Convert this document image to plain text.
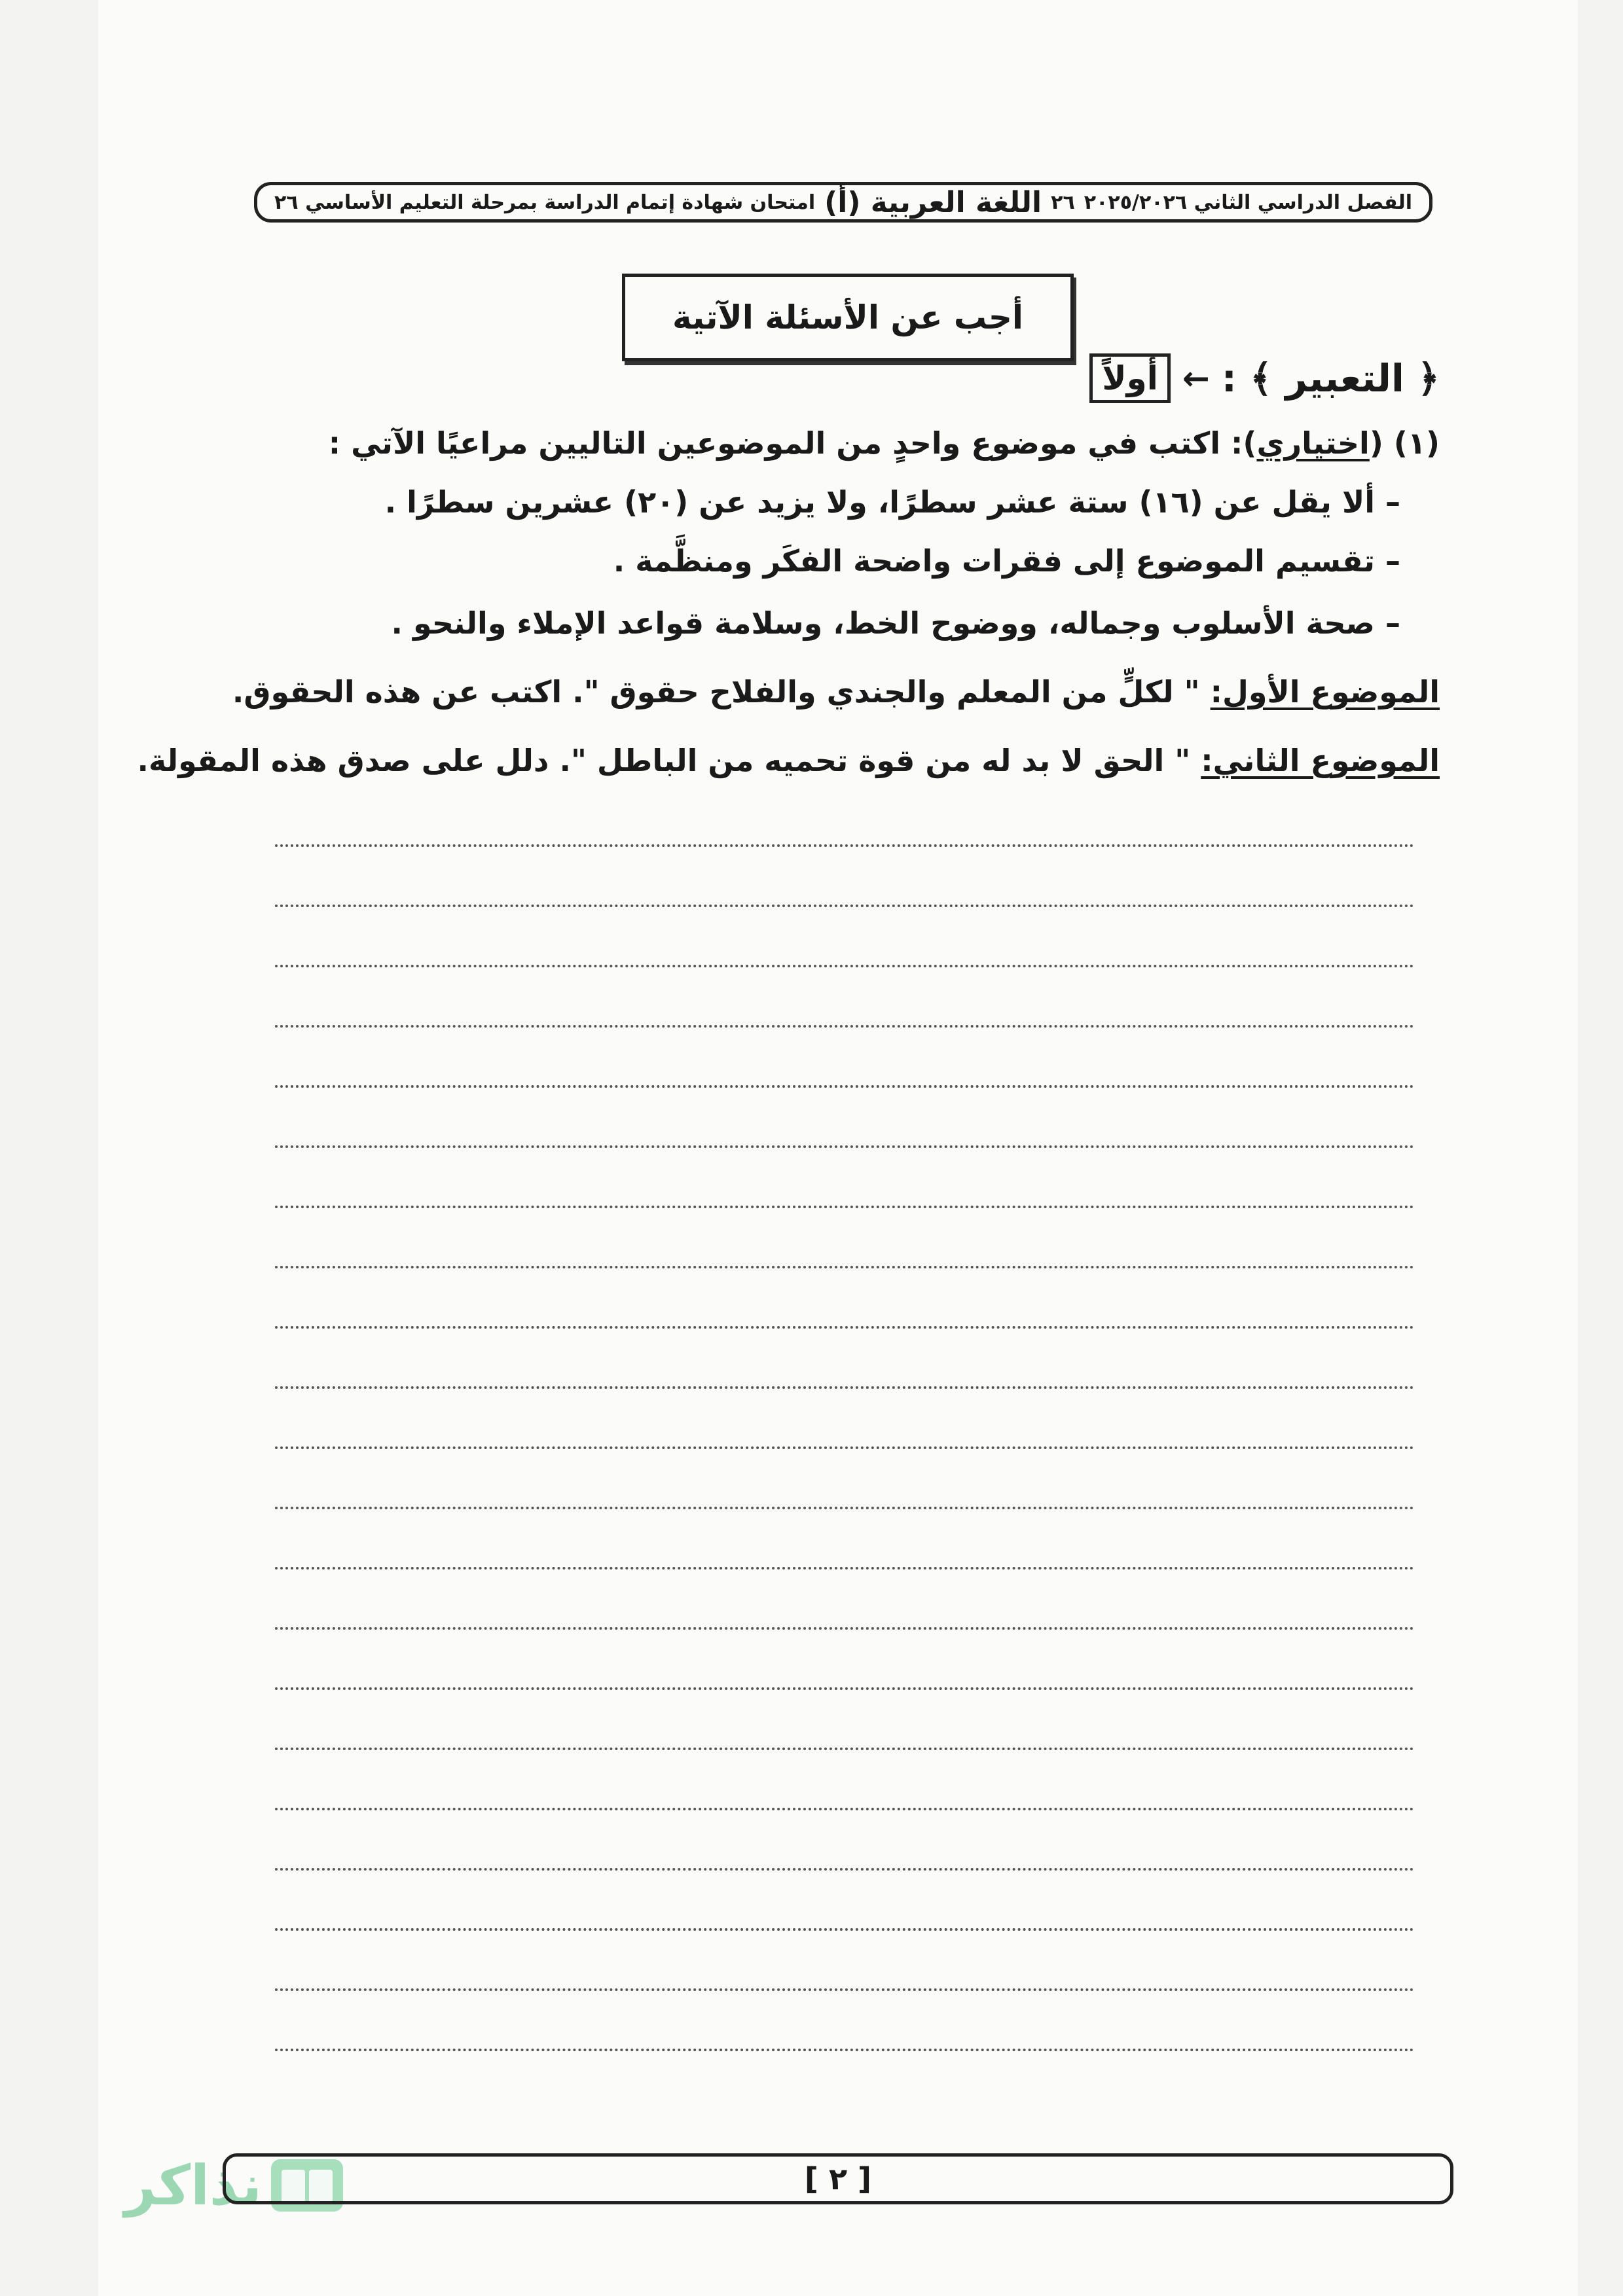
امتحان شهادة إتمام الدراسة بمرحلة التعليم الأساسي ٢٦ اللغة العربية (أ) ٢٦ الفصل الدراسي الثاني ٢٠٢٥/٢٠٢٦
أجب عن الأسئلة الآتية
أولاً ← ﴿ التعبير ﴾ :
(١) (اختياري): اكتب في موضوع واحدٍ من الموضوعين التاليين مراعيًا الآتي :
– ألا يقل عن (١٦) ستة عشر سطرًا، ولا يزيد عن (٢٠) عشرين سطرًا .
– تقسيم الموضوع إلى فقرات واضحة الفكَر ومنظَّمة .
– صحة الأسلوب وجماله، ووضوح الخط، وسلامة قواعد الإملاء والنحو .
الموضوع الأول: " لكلٍّ من المعلم والجندي والفلاح حقوق ". اكتب عن هذه الحقوق.
الموضوع الثاني: " الحق لا بد له من قوة تحميه من الباطل ". دلل على صدق هذه المقولة.
نذاكر	[ ٢ ]
